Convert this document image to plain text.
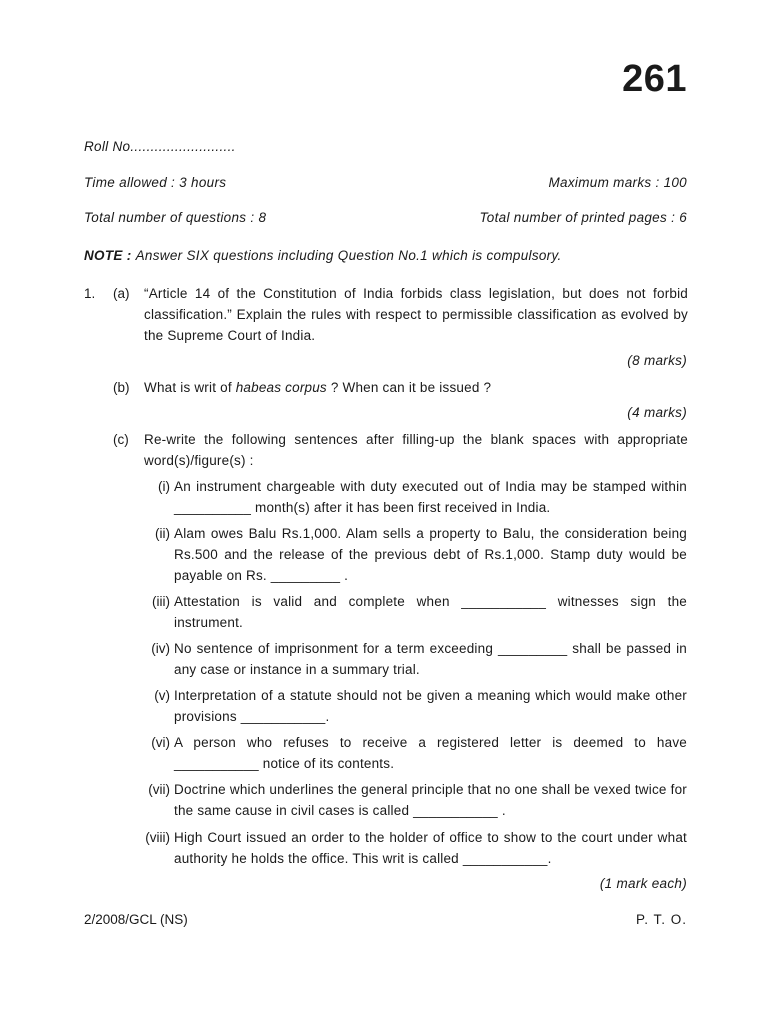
261
Roll No..........................
Time allowed : 3 hours	Maximum marks : 100
Total number of questions : 8	Total number of printed pages : 6
NOTE : Answer SIX questions including Question No.1 which is compulsory.
1. (a) “Article 14 of the Constitution of India forbids class legislation, but does not forbid classification.” Explain the rules with respect to permissible classification as evolved by the Supreme Court of India.
(8 marks)
(b) What is writ of habeas corpus ? When can it be issued ?
(4 marks)
(c) Re-write the following sentences after filling-up the blank spaces with appropriate word(s)/figure(s) :
(i) An instrument chargeable with duty executed out of India may be stamped within __________ month(s) after it has been first received in India.
(ii) Alam owes Balu Rs.1,000. Alam sells a property to Balu, the consideration being Rs.500 and the release of the previous debt of Rs.1,000. Stamp duty would be payable on Rs. _________ .
(iii) Attestation is valid and complete when ___________ witnesses sign the instrument.
(iv) No sentence of imprisonment for a term exceeding _________ shall be passed in any case or instance in a summary trial.
(v) Interpretation of a statute should not be given a meaning which would make other provisions ___________.
(vi) A person who refuses to receive a registered letter is deemed to have ___________ notice of its contents.
(vii) Doctrine which underlines the general principle that no one shall be vexed twice for the same cause in civil cases is called ___________ .
(viii) High Court issued an order to the holder of office to show to the court under what authority he holds the office. This writ is called ___________.
(1 mark each)
2/2008/GCL (NS)	P. T. O.
